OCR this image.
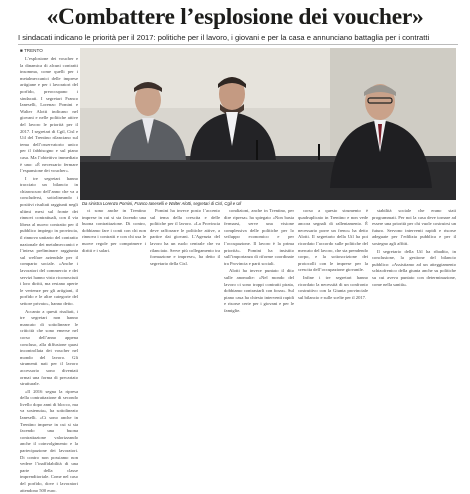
«Combattere l’esplosione dei voucher»
I sindacati indicano le priorità per il 2017: politiche per il lavoro, i giovani e per la casa e annunciano battaglia per i contratti
■ TRENTO

L’esplosione dei voucher e la dinamica di alcuni contratti insomma, come quelli per i metalmeccanici delle imprese artigiane e per i lavoratori del porfido, preoccupano i sindacati. I segretari Franco Ianeselli, Lorenzo Pomini e Walter Alotti indicano nel giovani e nelle politiche attive del lavoro le priorità per il 2017. I segretari di Cgil, Cisl e Uil del Trentino rilanciano sul tema dell’osservatorio unico per il fabbisogno e sul piano casa. Ma l’obiettivo immediato è uno: «È necessario fermare l’espansione dei voucher».

I tre segretari hanno tracciato un bilancio in chiaroscuro dell’anno che va a concludersi, sottolineando i positivi risultati raggiunti negli ultimi mesi sul fronte dei rinnovi contrattuali, con il via libera al nuovo contratto per il pubblico impiego in provincia, il rinnovo unitario del contratto nazionale dei metalmeccanici e l’intesa preliminare raggiunta sul welfare aziendale per il comparto sociale. «Anche i lavoratori del commercio e dei servizi hanno visto riconosciuti i loro diritti, ma restano aperte le vertenze per gli artigiani, il porfido e le altre categorie del settore privato», hanno detto.

Accanto a questi risultati, i tre segretari non hanno mancato di sottolineare le criticità che sono emerse nel corso dell’anno appena concluso, alla diffusione quasi incontrollata dei voucher nel mondo del lavoro. Gli strumenti nati per il lavoro accessorio sono diventati ormai una forma di precariato strutturale.

«Il 2016 segna la ripresa della contrattazione di secondo livello dopo anni di blocco, ma va sostenuta», ha sottolineato Ianeselli. «Ci sono anche in Trentino imprese in cui si sta facendo una buona contrattazione valorizzando anche il coinvolgimento e la partecipazione dei lavoratori. Di contro non possiamo non vedere l’inaffidabilità di una parte della classe imprenditoriale. Come nel caso del porfido, dove i lavoratori attendono 500 euro.

Da sinistra Lorenzo Pomini, Franco Ianeselli e Walter Alotti, segretari di Cisl, Cgil e Uil

ci sono anche in Trentino imprese in cui si sta facendo una buona contrattazione. Di contro, dobbiamo fare i conti con chi non rinnova i contratti e con chi usa le nuove regole per comprimere i diritti e i salari.

Pomini ha invece posto l’accento sul tema della crescita e delle politiche per il lavoro. «La Provincia deve rafforzare le politiche attive, a partire dai giovani. L’Agenzia del lavoro ha un ruolo centrale che va rilanciato. Serve più collegamento tra formazione e imprese», ha detto il segretario della Cisl.

condizioni, anche in Trentino, per dire ripresa» ha spiegato «Non basta fermarsi, serve una visione complessiva delle politiche per lo sviluppo economico e per l’occupazione. Il lavoro è la prima priorità». Pomini ha insistito sull’importanza di riforme coordinate tra Provincia e parti sociali.

Alotti ha invece puntato il dito sulle anomalie: «Nel mondo del lavoro ci sono troppi contratti pirata, dobbiamo contrastarli con forza». Sul piano casa ha chiesto interventi rapidi e risorse certe per i giovani e per le famiglie.

corso a questo strumento è quadruplicato in Trentino e non vede ancora segnali di rallentamento. È necessario porre un freno» ha detto Alotti. Il segretario della Uil ha poi ricordato l’accordo sulle politiche del mercato del lavoro, che sta prendendo corpo, e la sottoscrizione dei protocolli con le imprese per la crescita dell’occupazione giovanile.

Infine i tre segretari hanno ricordato la necessità di un confronto costruttivo con la Giunta provinciale sul bilancio e sulle scelte per il 2017.

stabilità sociale che erano stati programmati. Per noi la casa deve tornare ad essere una priorità per chi vuole costruirsi un futuro. Servono interventi rapidi e risorse adeguate per l’edilizia pubblica e per il sostegno agli affitti.

Il segretario della Uil ha ribadito, in conclusione, la gestione del bilancio pubblico: «Assistiamo ad un atteggiamento schizofrenico della giunta anche su politiche su cui aveva puntato con determinazione, come nella sanità».
